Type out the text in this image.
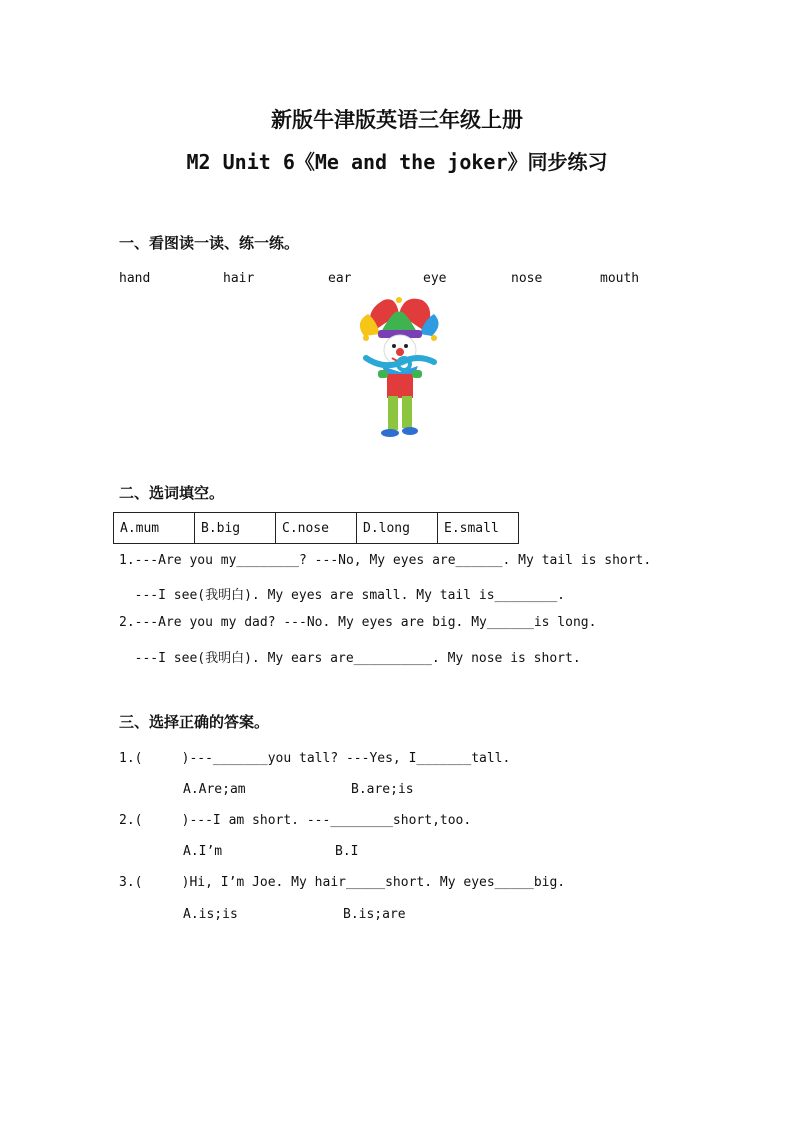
新版牛津版英语三年级上册
M2 Unit 6《Me and the joker》同步练习
一、看图读一读、练一练。
hand	hair	ear	eye	nose	mouth
二、选词填空。
A.mum	B.big	C.nose	D.long	E.small
1.---Are you my________? ---No, My eyes are______. My tail is short.
---I see(我明白). My eyes are small. My tail is________.
2.---Are you my dad? ---No. My eyes are big. My______is long.
---I see(我明白). My ears are__________. My nose is short.
三、选择正确的答案。
1.(     )---_______you tall? ---Yes, I_______tall.
A.Are;am	B.are;is
2.(     )---I am short. ---________short,too.
A.I’m	B.I
3.(     )Hi, I’m Joe. My hair_____short. My eyes_____big.
A.is;is	B.is;are
